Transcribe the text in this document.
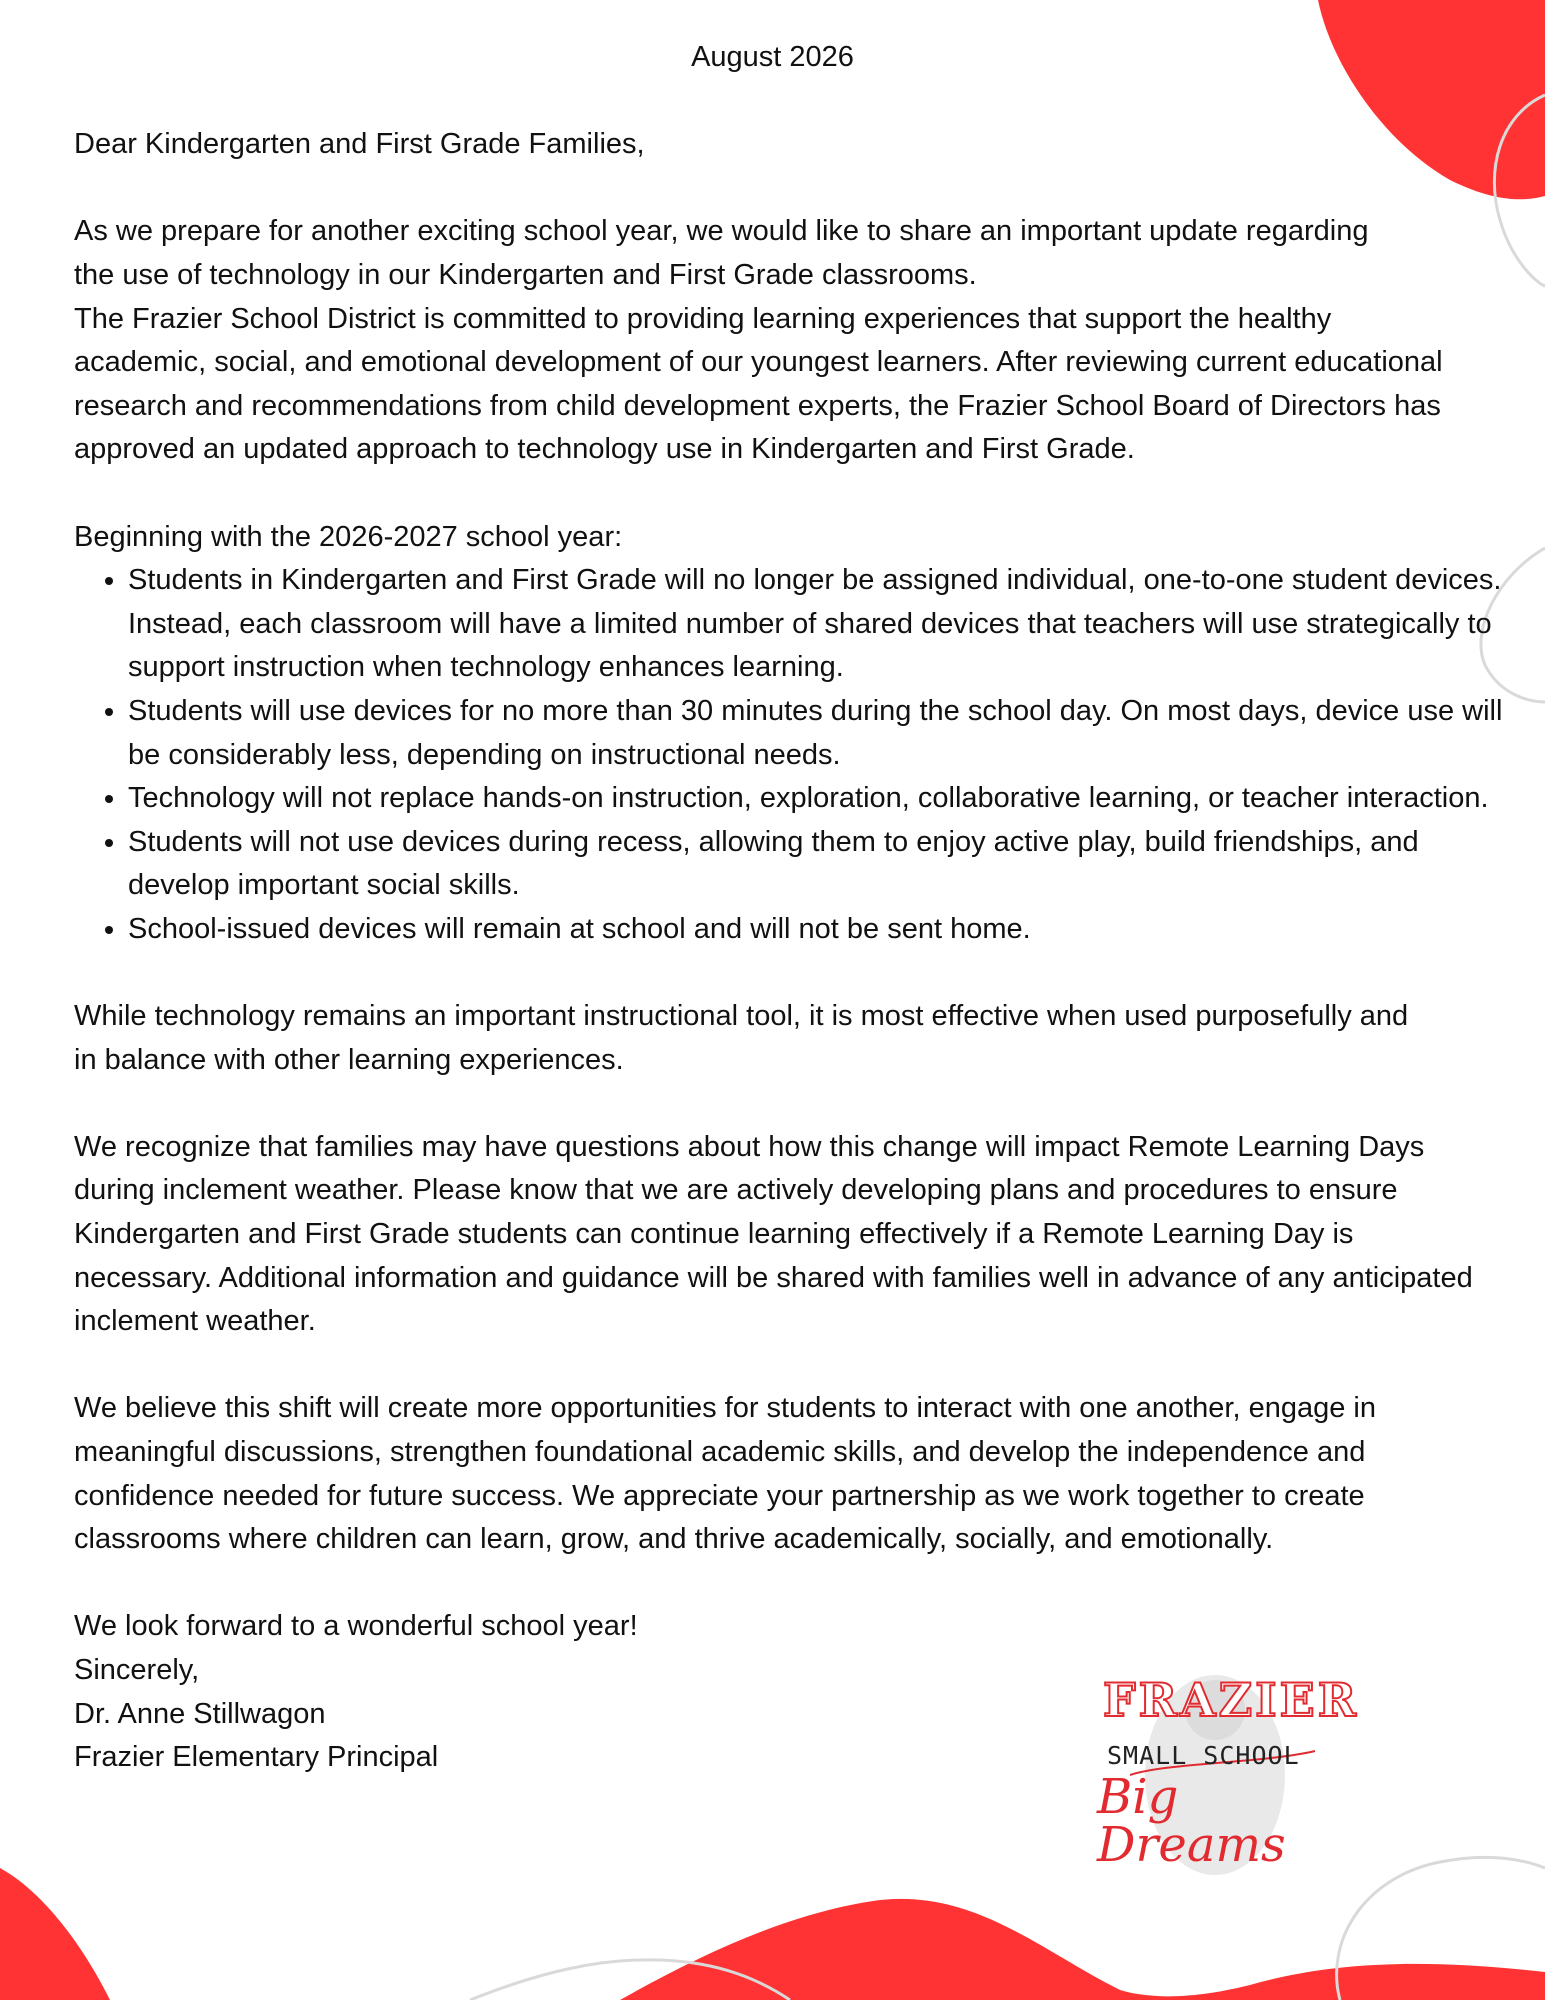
August 2026

Dear Kindergarten and First Grade Families,

As we prepare for another exciting school year, we would like to share an important update regarding the use of technology in our Kindergarten and First Grade classrooms.

The Frazier School District is committed to providing learning experiences that support the healthy academic, social, and emotional development of our youngest learners. After reviewing current educational research and recommendations from child development experts, the Frazier School Board of Directors has approved an updated approach to technology use in Kindergarten and First Grade.

Beginning with the 2026-2027 school year:

• Students in Kindergarten and First Grade will no longer be assigned individual, one-to-one student devices. Instead, each classroom will have a limited number of shared devices that teachers will use strategically to support instruction when technology enhances learning.
• Students will use devices for no more than 30 minutes during the school day. On most days, device use will be considerably less, depending on instructional needs.
• Technology will not replace hands-on instruction, exploration, collaborative learning, or teacher interaction.
• Students will not use devices during recess, allowing them to enjoy active play, build friendships, and develop important social skills.
• School-issued devices will remain at school and will not be sent home.

While technology remains an important instructional tool, it is most effective when used purposefully and in balance with other learning experiences.

We recognize that families may have questions about how this change will impact Remote Learning Days during inclement weather. Please know that we are actively developing plans and procedures to ensure Kindergarten and First Grade students can continue learning effectively if a Remote Learning Day is necessary. Additional information and guidance will be shared with families well in advance of any anticipated inclement weather.

We believe this shift will create more opportunities for students to interact with one another, engage in meaningful discussions, strengthen foundational academic skills, and develop the independence and confidence needed for future success. We appreciate your partnership as we work together to create classrooms where children can learn, grow, and thrive academically, socially, and emotionally.

We look forward to a wonderful school year!

Sincerely,

Dr. Anne Stillwagon

Frazier Elementary Principal

FRAZIER
SMALL SCHOOL
Big Dreams
